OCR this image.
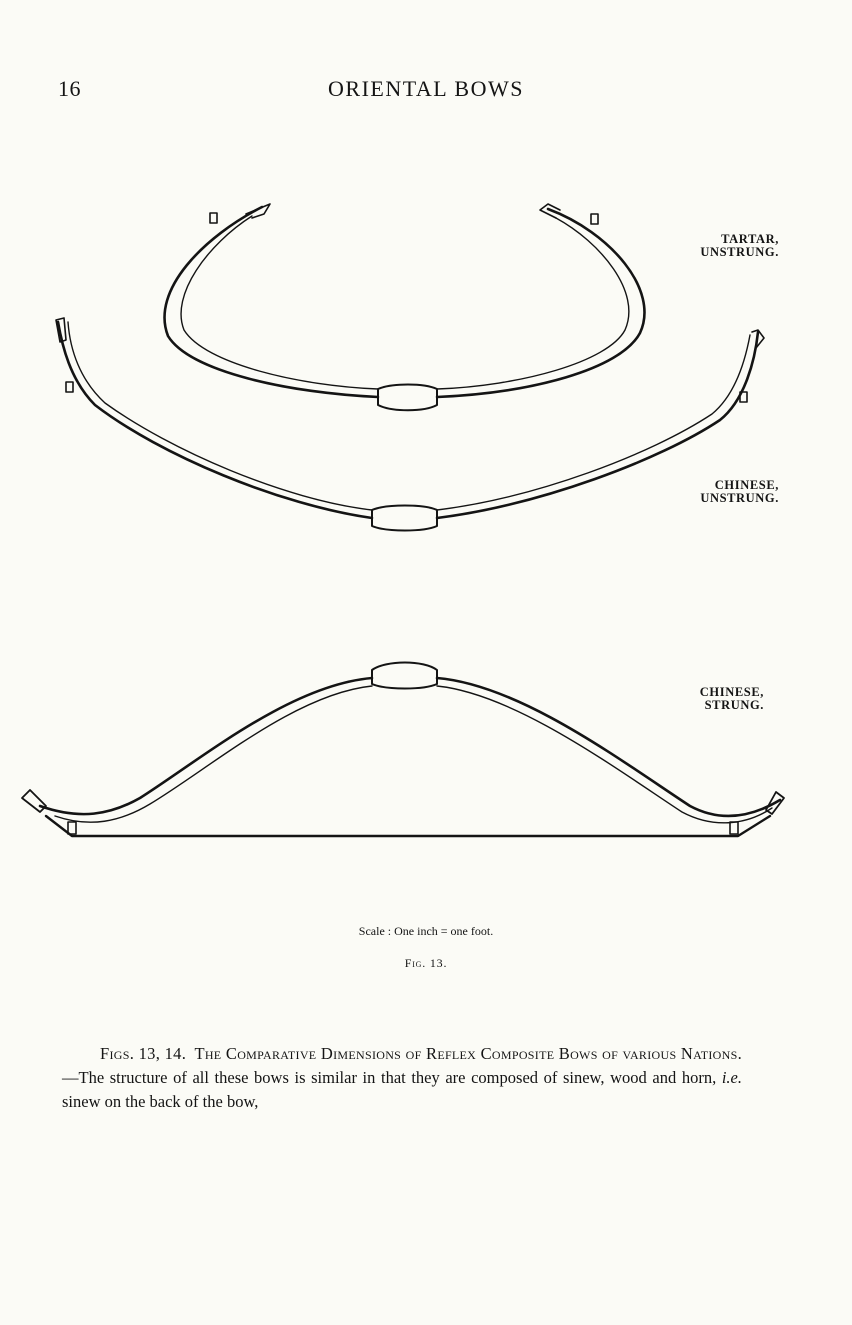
16	ORIENTAL BOWS
TARTAR,
UNSTRUNG.
CHINESE,
UNSTRUNG.
CHINESE,
STRUNG.
Scale : One inch = one foot.
Fig. 13.
Figs. 13, 14. The Comparative Dimensions of Reflex Composite Bows of various Nations.—The structure of all these bows is similar in that they are composed of sinew, wood and horn, i.e. sinew on the back of the bow,
